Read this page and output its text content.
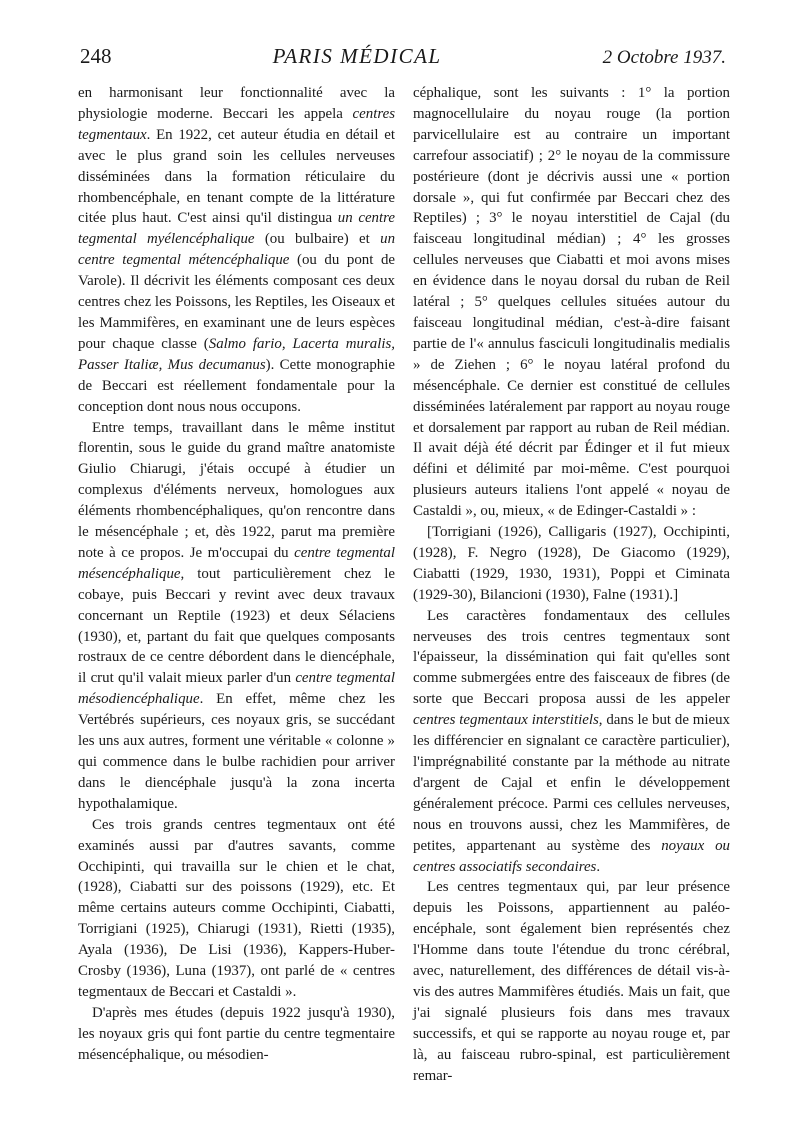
248	PARIS MÉDICAL	2 Octobre 1937.

en harmonisant leur fonctionnalité avec la physiologie moderne. Beccari les appela centres tegmentaux. En 1922, cet auteur étudia en détail et avec le plus grand soin les cellules nerveuses disséminées dans la formation réticulaire du rhombencéphale, en tenant compte de la littérature citée plus haut. C'est ainsi qu'il distingua un centre tegmental myélencéphalique (ou bulbaire) et un centre tegmental métencéphalique (ou du pont de Varole). Il décrivit les éléments composant ces deux centres chez les Poissons, les Reptiles, les Oiseaux et les Mammifères, en examinant une de leurs espèces pour chaque classe (Salmo fario, Lacerta muralis, Passer Italiæ, Mus decumanus). Cette monographie de Beccari est réellement fondamentale pour la conception dont nous nous occupons.

Entre temps, travaillant dans le même institut florentin, sous le guide du grand maître anatomiste Giulio Chiarugi, j'étais occupé à étudier un complexus d'éléments nerveux, homologues aux éléments rhombencéphaliques, qu'on rencontre dans le mésencéphale ; et, dès 1922, parut ma première note à ce propos. Je m'occupai du centre tegmental mésencéphalique, tout particulièrement chez le cobaye, puis Beccari y revint avec deux travaux concernant un Reptile (1923) et deux Sélaciens (1930), et, partant du fait que quelques composants rostraux de ce centre débordent dans le diencéphale, il crut qu'il valait mieux parler d'un centre tegmental mésodiencéphalique. En effet, même chez les Vertébrés supérieurs, ces noyaux gris, se succédant les uns aux autres, forment une véritable « colonne » qui commence dans le bulbe rachidien pour arriver dans le diencéphale jusqu'à la zona incerta hypothalamique.

Ces trois grands centres tegmentaux ont été examinés aussi par d'autres savants, comme Occhipinti, qui travailla sur le chien et le chat, (1928), Ciabatti sur des poissons (1929), etc. Et même certains auteurs comme Occhipinti, Ciabatti, Torrigiani (1925), Chiarugi (1931), Rietti (1935), Ayala (1936), De Lisi (1936), Kappers-Huber-Crosby (1936), Luna (1937), ont parlé de « centres tegmentaux de Beccari et Castaldi ».

D'après mes études (depuis 1922 jusqu'à 1930), les noyaux gris qui font partie du centre tegmentaire mésencéphalique, ou mésodien-

céphalique, sont les suivants : 1° la portion magnocellulaire du noyau rouge (la portion parvicellulaire est au contraire un important carrefour associatif) ; 2° le noyau de la commissure postérieure (dont je décrivis aussi une « portion dorsale », qui fut confirmée par Beccari chez des Reptiles) ; 3° le noyau interstitiel de Cajal (du faisceau longitudinal médian) ; 4° les grosses cellules nerveuses que Ciabatti et moi avons mises en évidence dans le noyau dorsal du ruban de Reil latéral ; 5° quelques cellules situées autour du faisceau longitudinal médian, c'est-à-dire faisant partie de l'« annulus fasciculi longitudinalis medialis » de Ziehen ; 6° le noyau latéral profond du mésencéphale. Ce dernier est constitué de cellules disséminées latéralement par rapport au noyau rouge et dorsalement par rapport au ruban de Reil médian. Il avait déjà été décrit par Édinger et il fut mieux défini et délimité par moi-même. C'est pourquoi plusieurs auteurs italiens l'ont appelé « noyau de Castaldi », ou, mieux, « de Edinger-Castaldi » :

[Torrigiani (1926), Calligaris (1927), Occhipinti, (1928), F. Negro (1928), De Giacomo (1929), Ciabatti (1929, 1930, 1931), Poppi et Ciminata (1929-30), Bilancioni (1930), Falne (1931).]

Les caractères fondamentaux des cellules nerveuses des trois centres tegmentaux sont l'épaisseur, la dissémination qui fait qu'elles sont comme submergées entre des faisceaux de fibres (de sorte que Beccari proposa aussi de les appeler centres tegmentaux interstitiels, dans le but de mieux les différencier en signalant ce caractère particulier), l'imprégnabilité constante par la méthode au nitrate d'argent de Cajal et enfin le développement généralement précoce. Parmi ces cellules nerveuses, nous en trouvons aussi, chez les Mammifères, de petites, appartenant au système des noyaux ou centres associatifs secondaires.

Les centres tegmentaux qui, par leur présence depuis les Poissons, appartiennent au paléo-encéphale, sont également bien représentés chez l'Homme dans toute l'étendue du tronc cérébral, avec, naturellement, des différences de détail vis-à-vis des autres Mammifères étudiés. Mais un fait, que j'ai signalé plusieurs fois dans mes travaux successifs, et qui se rapporte au noyau rouge et, par là, au faisceau rubro-spinal, est particulièrement remar-
